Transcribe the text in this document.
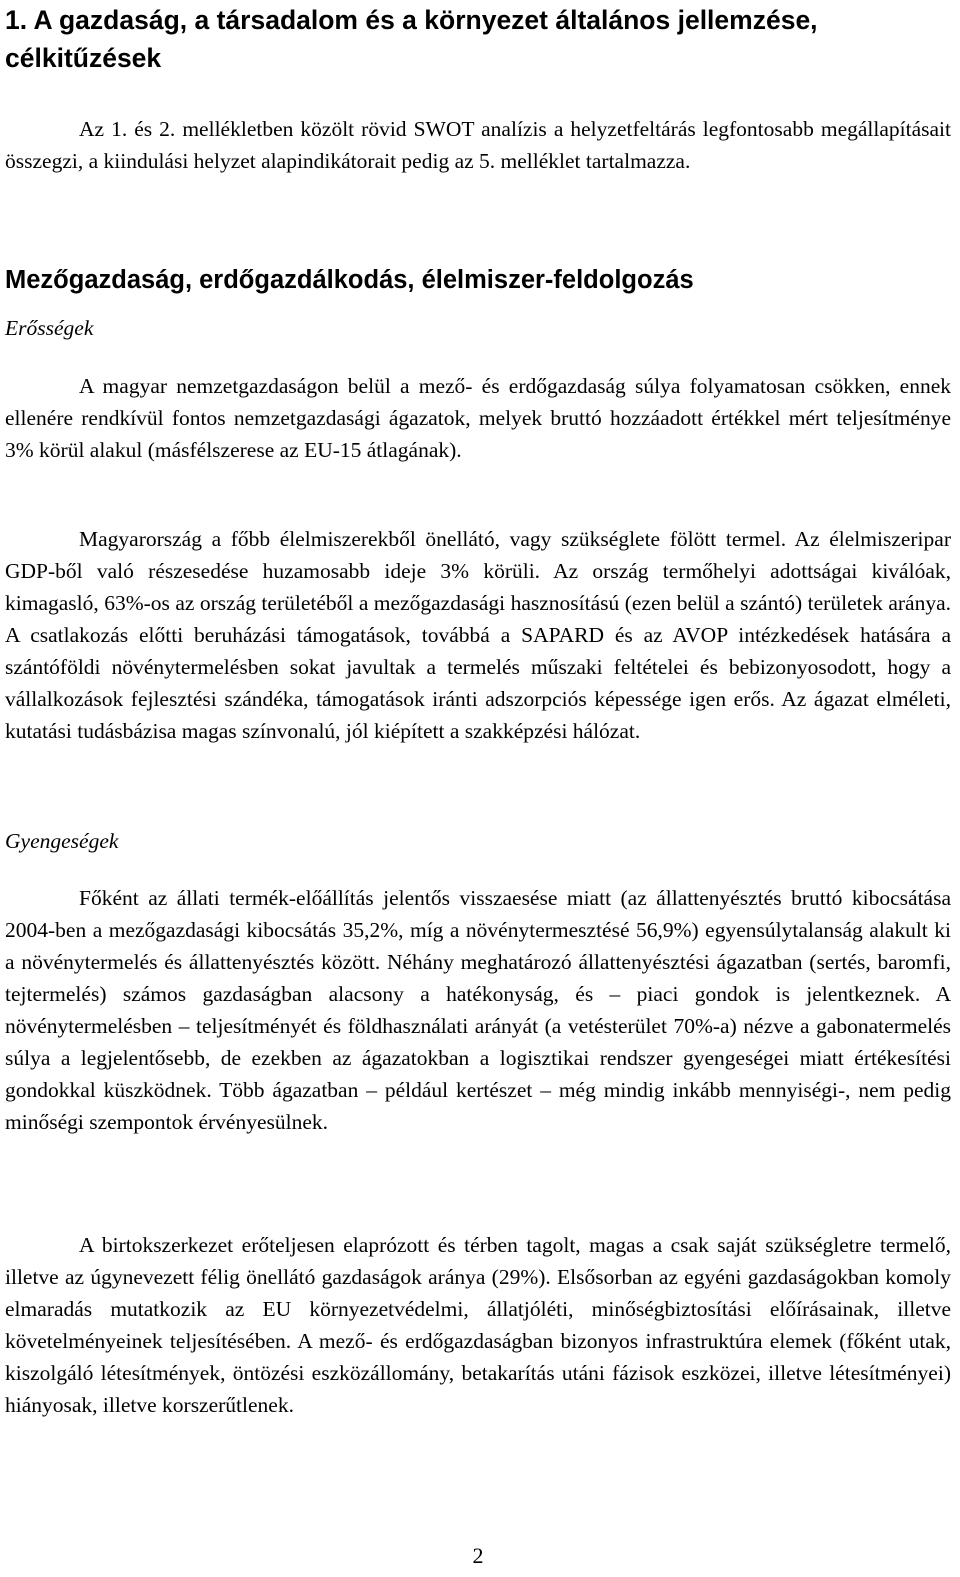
1. A gazdaság, a társadalom és a környezet általános jellemzése, célkitűzések

Az 1. és 2. mellékletben közölt rövid SWOT analízis a helyzetfeltárás legfontosabb megállapításait összegzi, a kiindulási helyzet alapindikátorait pedig az 5. melléklet tartalmazza.

Mezőgazdaság, erdőgazdálkodás, élelmiszer-feldolgozás
Erősségek

A magyar nemzetgazdaságon belül a mező- és erdőgazdaság súlya folyamatosan csökken, ennek ellenére rendkívül fontos nemzetgazdasági ágazatok, melyek bruttó hozzáadott értékkel mért teljesítménye 3% körül alakul (másfélszerese az EU-15 átlagának).

Magyarország a főbb élelmiszerekből önellátó, vagy szükséglete fölött termel. Az élelmiszeripar GDP-ből való részesedése huzamosabb ideje 3% körüli. Az ország termőhelyi adottságai kiválóak, kimagasló, 63%-os az ország területéből a mezőgazdasági hasznosítású (ezen belül a szántó) területek aránya. A csatlakozás előtti beruházási támogatások, továbbá a SAPARD és az AVOP intézkedések hatására a szántóföldi növénytermelésben sokat javultak a termelés műszaki feltételei és bebizonyosodott, hogy a vállalkozások fejlesztési szándéka, támogatások iránti adszorpciós képessége igen erős. Az ágazat elméleti, kutatási tudásbázisa magas színvonalú, jól kiépített a szakképzési hálózat.

Gyengeségek

Főként az állati termék-előállítás jelentős visszaesése miatt (az állattenyésztés bruttó kibocsátása 2004-ben a mezőgazdasági kibocsátás 35,2%, míg a növénytermesztésé 56,9%) egyensúlytalanság alakult ki a növénytermelés és állattenyésztés között. Néhány meghatározó állattenyésztési ágazatban (sertés, baromfi, tejtermelés) számos gazdaságban alacsony a hatékonyság, és – piaci gondok is jelentkeznek. A növénytermelésben – teljesítményét és földhasználati arányát (a vetésterület 70%-a) nézve a gabonatermelés súlya a legjelentősebb, de ezekben az ágazatokban a logisztikai rendszer gyengeségei miatt értékesítési gondokkal küszködnek. Több ágazatban – például kertészet – még mindig inkább mennyiségi-, nem pedig minőségi szempontok érvényesülnek.

A birtokszerkezet erőteljesen elaprózott és térben tagolt, magas a csak saját szükségletre termelő, illetve az úgynevezett félig önellátó gazdaságok aránya (29%). Elsősorban az egyéni gazdaságokban komoly elmaradás mutatkozik az EU környezetvédelmi, állatjóléti, minőségbiztosítási előírásainak, illetve követelményeinek teljesítésében. A mező- és erdőgazdaságban bizonyos infrastruktúra elemek (főként utak, kiszolgáló létesítmények, öntözési eszközállomány, betakarítás utáni fázisok eszközei, illetve létesítményei) hiányosak, illetve korszerűtlenek.

2
